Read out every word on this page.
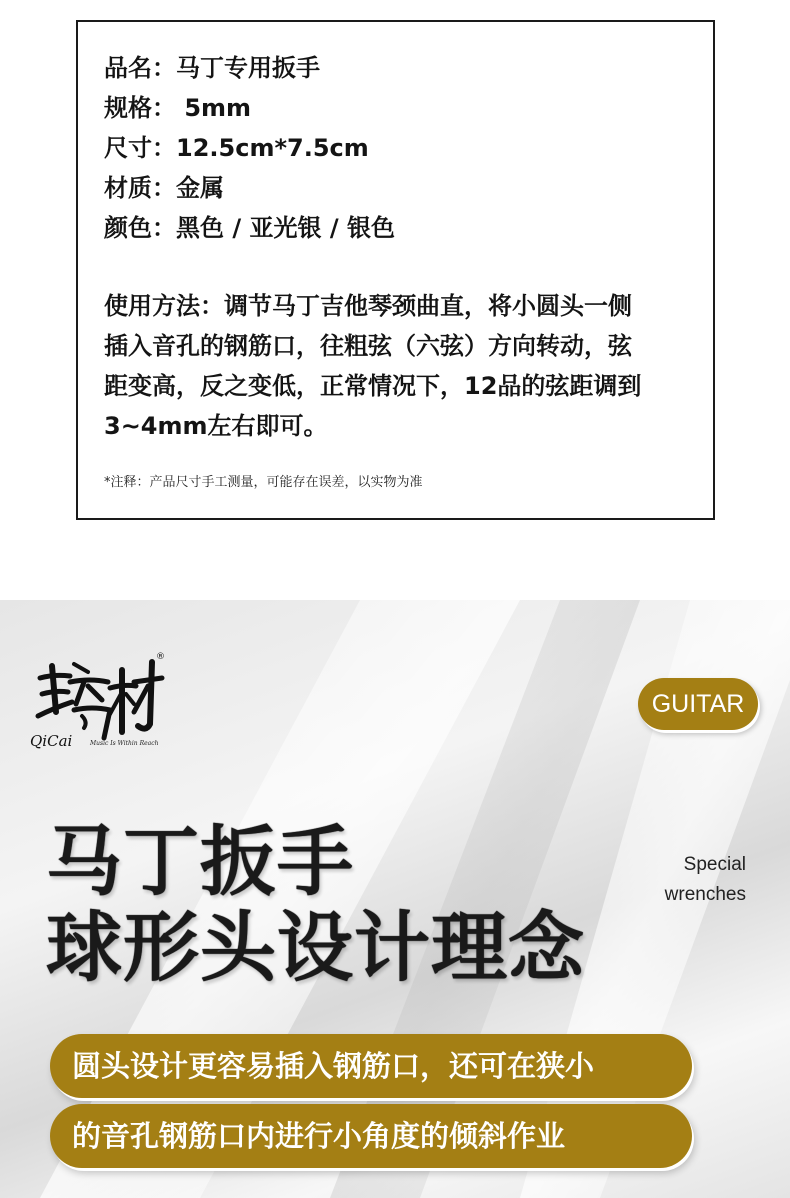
品名：马丁专用扳手
规格： 5mm
尺寸：12.5cm*7.5cm
材质：金属
颜色：黑色 / 亚光银 / 银色
使用方法：调节马丁吉他琴颈曲直，将小圆头一侧
插入音孔的钢筋口，往粗弦（六弦）方向转动，弦
距变高，反之变低，正常情况下，12品的弦距调到
3~4mm左右即可。

*注释：产品尺寸手工测量，可能存在误差，以实物为准

®
QiCai	Music Is Within Reach
GUITAR
马丁扳手
球形头设计理念
Special
wrenches
圆头设计更容易插入钢筋口，还可在狭小
的音孔钢筋口内进行小角度的倾斜作业
